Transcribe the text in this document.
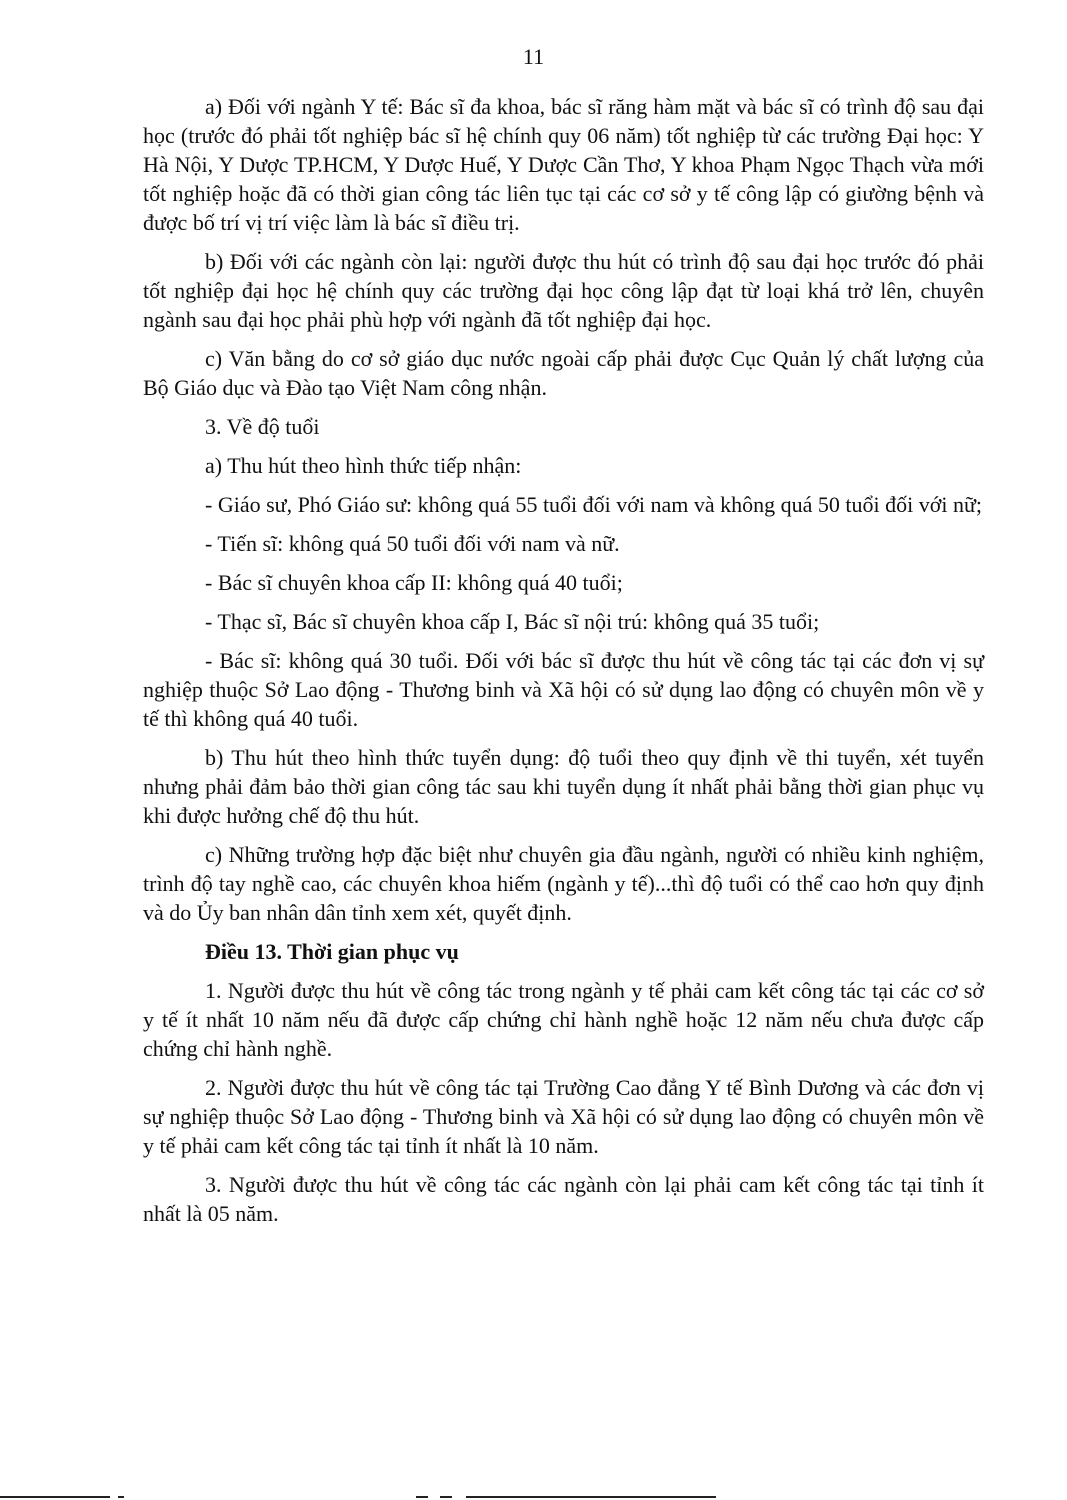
11

a) Đối với ngành Y tế: Bác sĩ đa khoa, bác sĩ răng hàm mặt và bác sĩ có trình độ sau đại học (trước đó phải tốt nghiệp bác sĩ hệ chính quy 06 năm) tốt nghiệp từ các trường Đại học: Y Hà Nội, Y Dược TP.HCM, Y Dược Huế, Y Dược Cần Thơ, Y khoa Phạm Ngọc Thạch vừa mới tốt nghiệp hoặc đã có thời gian công tác liên tục tại các cơ sở y tế công lập có giường bệnh và được bố trí vị trí việc làm là bác sĩ điều trị.

b) Đối với các ngành còn lại: người được thu hút có trình độ sau đại học trước đó phải tốt nghiệp đại học hệ chính quy các trường đại học công lập đạt từ loại khá trở lên, chuyên ngành sau đại học phải phù hợp với ngành đã tốt nghiệp đại học.

c) Văn bằng do cơ sở giáo dục nước ngoài cấp phải được Cục Quản lý chất lượng của Bộ Giáo dục và Đào tạo Việt Nam công nhận.

3. Về độ tuổi

a) Thu hút theo hình thức tiếp nhận:

- Giáo sư, Phó Giáo sư: không quá 55 tuổi đối với nam và không quá 50 tuổi đối với nữ;

- Tiến sĩ: không quá 50 tuổi đối với nam và nữ.

- Bác sĩ chuyên khoa cấp II: không quá 40 tuổi;

- Thạc sĩ, Bác sĩ chuyên khoa cấp I, Bác sĩ nội trú: không quá 35 tuổi;

- Bác sĩ: không quá 30 tuổi. Đối với bác sĩ được thu hút về công tác tại các đơn vị sự nghiệp thuộc Sở Lao động - Thương binh và Xã hội có sử dụng lao động có chuyên môn về y tế thì không quá 40 tuổi.

b) Thu hút theo hình thức tuyển dụng: độ tuổi theo quy định về thi tuyển, xét tuyển nhưng phải đảm bảo thời gian công tác sau khi tuyển dụng ít nhất phải bằng thời gian phục vụ khi được hưởng chế độ thu hút.

c) Những trường hợp đặc biệt như chuyên gia đầu ngành, người có nhiều kinh nghiệm, trình độ tay nghề cao, các chuyên khoa hiếm (ngành y tế)...thì độ tuổi có thể cao hơn quy định và do Ủy ban nhân dân tỉnh xem xét, quyết định.

Điều 13. Thời gian phục vụ

1. Người được thu hút về công tác trong ngành y tế phải cam kết công tác tại các cơ sở y tế ít nhất 10 năm nếu đã được cấp chứng chỉ hành nghề hoặc 12 năm nếu chưa được cấp chứng chỉ hành nghề.

2. Người được thu hút về công tác tại Trường Cao đẳng Y tế Bình Dương và các đơn vị sự nghiệp thuộc Sở Lao động - Thương binh và Xã hội có sử dụng lao động có chuyên môn về y tế phải cam kết công tác tại tỉnh ít nhất là 10 năm.

3. Người được thu hút về công tác các ngành còn lại phải cam kết công tác tại tỉnh ít nhất là 05 năm.
